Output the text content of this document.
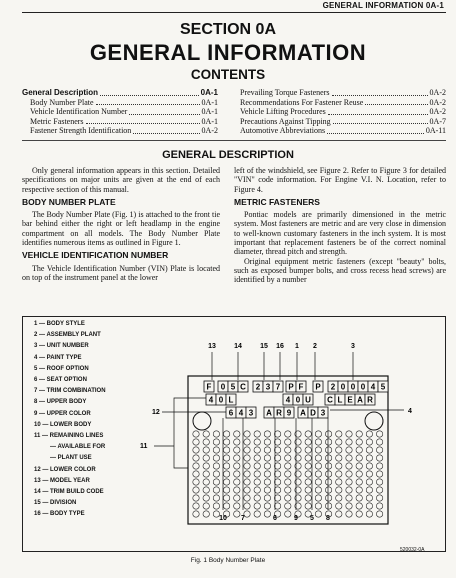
GENERAL INFORMATION 0A-1
SECTION 0A
GENERAL INFORMATION
CONTENTS
General Description	0A-1
Body Number Plate	0A-1
Vehicle Identification Number	0A-1
Metric Fasteners	0A-1
Fastener Strength Identification	0A-2
Prevailing Torque Fasteners	0A-2
Recommendations For Fastener Reuse	0A-2
Vehicle Lifting Procedures	0A-2
Precautions Against Tipping	0A-7
Automotive Abbreviations	0A-11
GENERAL DESCRIPTION

Only general information appears in this section. Detailed specifications on major units are given at the end of each respective section of this manual.

BODY NUMBER PLATE

The Body Number Plate (Fig. 1) is attached to the front tie bar behind either the right or left headlamp in the engine compartment on all models. The Body Number Plate identifies numerous items as outlined in Figure 1.

VEHICLE IDENTIFICATION NUMBER

The Vehicle Identification Number (VIN) Plate is located on top of the instrument panel at the lower

left of the windshield, see Figure 2. Refer to Figure 3 for detailed "VIN" code information. For Engine V.I. N. Location, refer to Figure 4.

METRIC FASTENERS

Pontiac models are primarily dimensioned in the metric system. Most fasteners are metric and are very close in dimension to well-known customary fasteners in the inch system. It is most important that replacement fasteners be of the correct nominal diameter, thread pitch and strength.

Original equipment metric fasteners (except "beauty" bolts, such as exposed bumper bolts, and cross recess head screws) are identified by a number

1 — BODY STYLE
2 — ASSEMBLY PLANT
3 — UNIT NUMBER
4 — PAINT TYPE
5 — ROOF OPTION
6 — SEAT OPTION
7 — TRIM COMBINATION
8 — UPPER BODY
9 — UPPER COLOR
10 — LOWER BODY
11 — REMAINING LINES
— AVAILABLE FOR
— PLANT USE
12 — LOWER COLOR
13 — MODEL YEAR
14 — TRIM BUILD CODE
15 — DIVISION
16 — BODY TYPE
F 0 5 C 2 3 7 P F P 2 0 0 0 4 5
4 0 L	4 0 U C L E A R
6 4 3 A R 9 A D 3
13	14	15 16 1 2	3
10 7	6 9 5 8
12
11
4
Fig. 1 Body Number Plate
520032-0A
